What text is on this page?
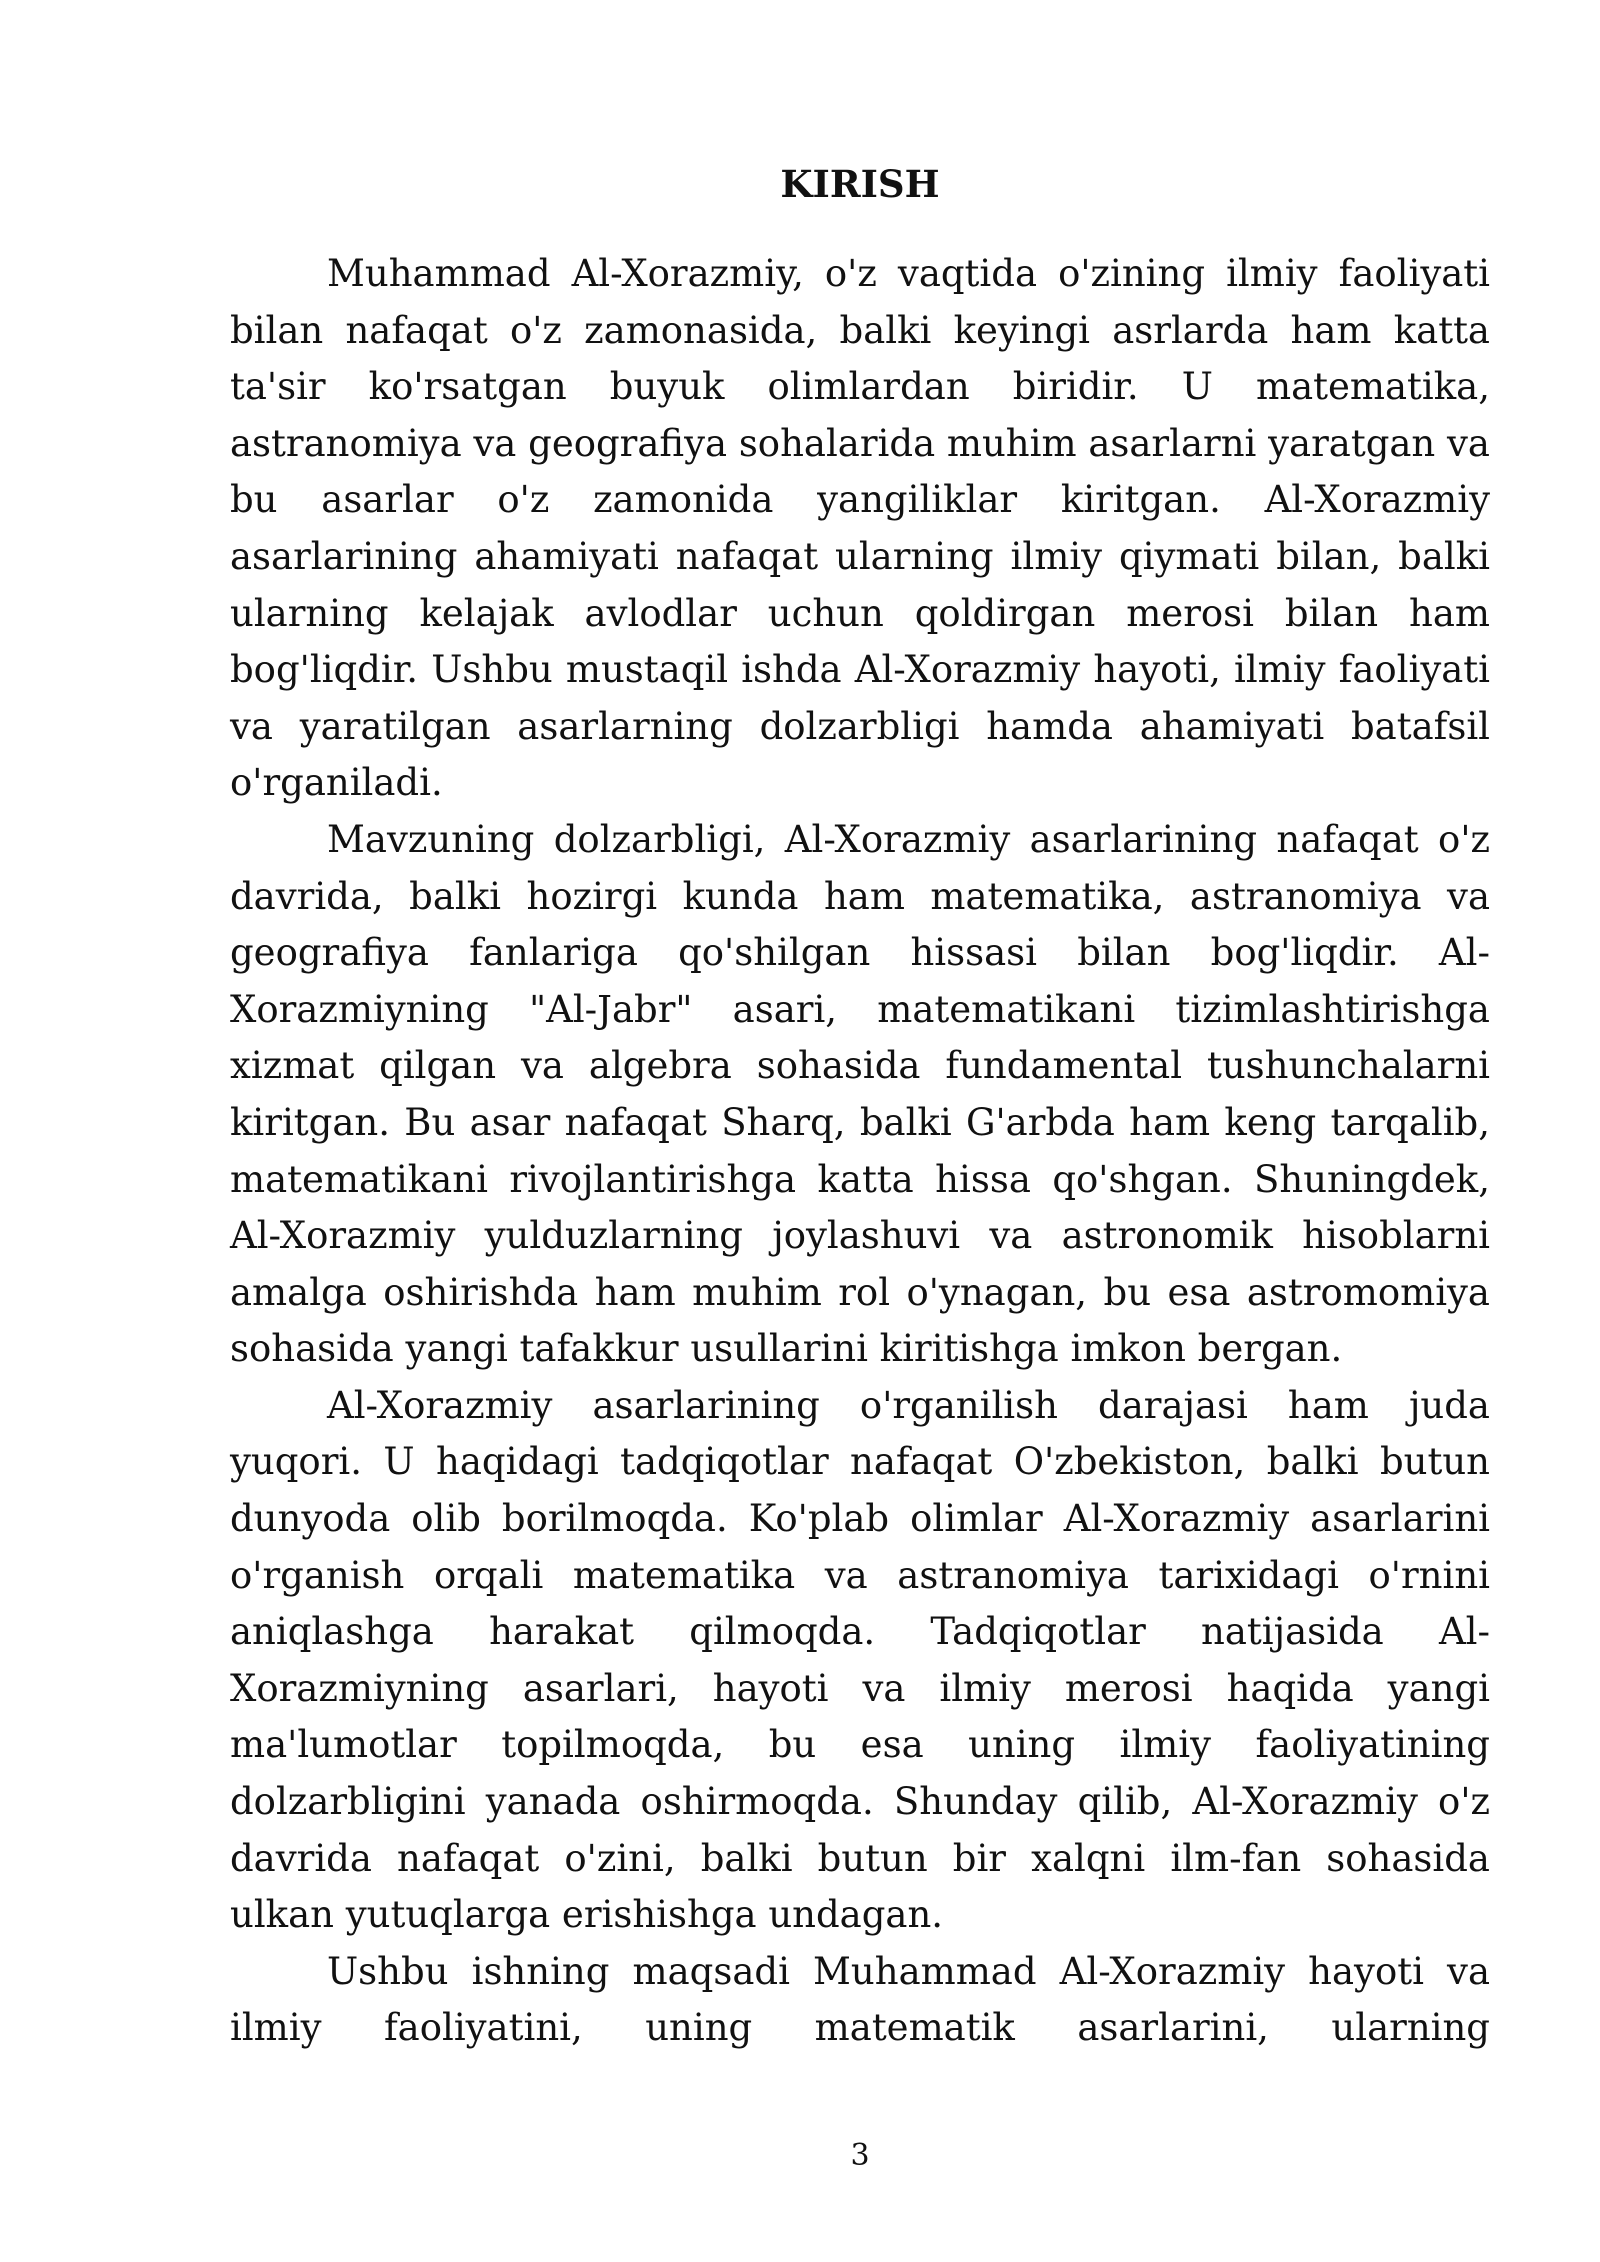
KIRISH

Muhammad Al-Xorazmiy, o'z vaqtida o'zining ilmiy faoliyati bilan nafaqat o'z zamonasida, balki keyingi asrlarda ham katta ta'sir ko'rsatgan buyuk olimlardan biridir. U matematika, astranomiya va geografiya sohalarida muhim asarlarni yaratgan va bu asarlar o'z zamonida yangiliklar kiritgan. Al-Xorazmiy asarlarining ahamiyati nafaqat ularning ilmiy qiymati bilan, balki ularning kelajak avlodlar uchun qoldirgan merosi bilan ham bog'liqdir. Ushbu mustaqil ishda Al-Xorazmiy hayoti, ilmiy faoliyati va yaratilgan asarlarning dolzarbligi hamda ahamiyati batafsil o'rganiladi.

Mavzuning dolzarbligi, Al-Xorazmiy asarlarining nafaqat o'z davrida, balki hozirgi kunda ham matematika, astranomiya va geografiya fanlariga qo'shilgan hissasi bilan bog'liqdir. Al-Xorazmiyning "Al-Jabr" asari, matematikani tizimlashtirishga xizmat qilgan va algebra sohasida fundamental tushunchalarni kiritgan. Bu asar nafaqat Sharq, balki G'arbda ham keng tarqalib, matematikani rivojlantirishga katta hissa qo'shgan. Shuningdek, Al-Xorazmiy yulduzlarning joylashuvi va astronomik hisoblarni amalga oshirishda ham muhim rol o'ynagan, bu esa astromomiya sohasida yangi tafakkur usullarini kiritishga imkon bergan.

Al-Xorazmiy asarlarining o'rganilish darajasi ham juda yuqori. U haqidagi tadqiqotlar nafaqat O'zbekiston, balki butun dunyoda olib borilmoqda. Ko'plab olimlar Al-Xorazmiy asarlarini o'rganish orqali matematika va astranomiya tarixidagi o'rnini aniqlashga harakat qilmoqda. Tadqiqotlar natijasida Al-Xorazmiyning asarlari, hayoti va ilmiy merosi haqida yangi ma'lumotlar topilmoqda, bu esa uning ilmiy faoliyatining dolzarbligini yanada oshirmoqda. Shunday qilib, Al-Xorazmiy o'z davrida nafaqat o'zini, balki butun bir xalqni ilm-fan sohasida ulkan yutuqlarga erishishga undagan.

Ushbu ishning maqsadi Muhammad Al-Xorazmiy hayoti va ilmiy faoliyatini, uning matematik asarlarini, ularning

3
